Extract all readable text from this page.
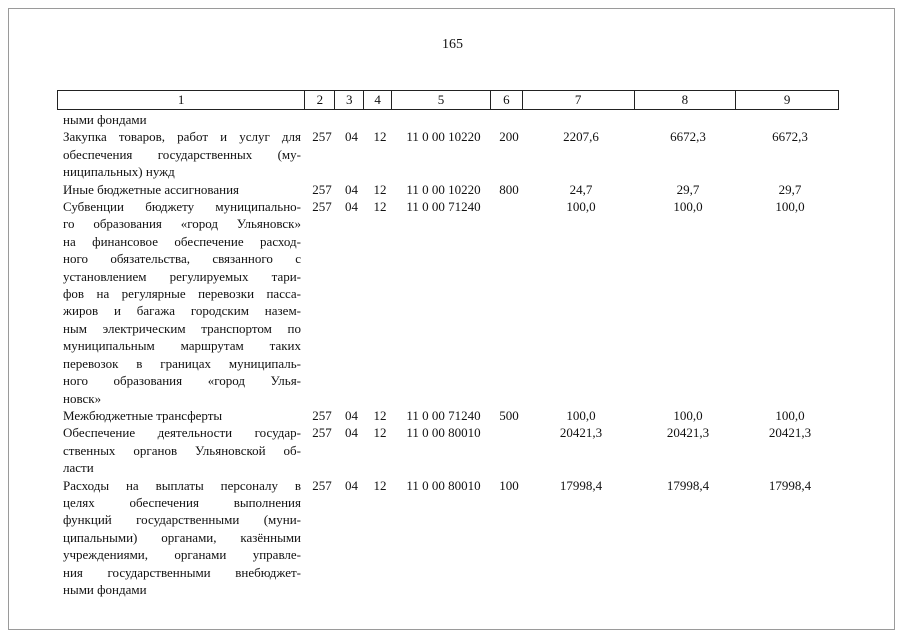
165
1	2	3	4	5	6	7	8	9
ными фондами
Закупка товаров, работ и услуг для
обеспечения государственных (му-
ниципальных) нужд
257	04	12	11 0 00 10220	200	2207,6	6672,3	6672,3
Иные бюджетные ассигнования	257	04	12	11 0 00 10220	800	24,7	29,7	29,7
Субвенции бюджету муниципально-
го образования «город Ульяновск»
на финансовое обеспечение расход-
ного обязательства, связанного с
установлением регулируемых тари-
фов на регулярные перевозки пасса-
жиров и багажа городским назем-
ным электрическим транспортом по
муниципальным маршрутам таких
перевозок в границах муниципаль-
ного образования «город Улья-
новск»
257	04	12	11 0 00 71240	100,0	100,0	100,0
Межбюджетные трансферты	257	04	12	11 0 00 71240	500	100,0	100,0	100,0
Обеспечение деятельности государ-
ственных органов Ульяновской об-
ласти
257	04	12	11 0 00 80010	20421,3	20421,3	20421,3
Расходы на выплаты персоналу в
целях обеспечения выполнения
функций государственными (муни-
ципальными) органами, казёнными
учреждениями, органами управле-
ния государственными внебюджет-
ными фондами
257	04	12	11 0 00 80010	100	17998,4	17998,4	17998,4
